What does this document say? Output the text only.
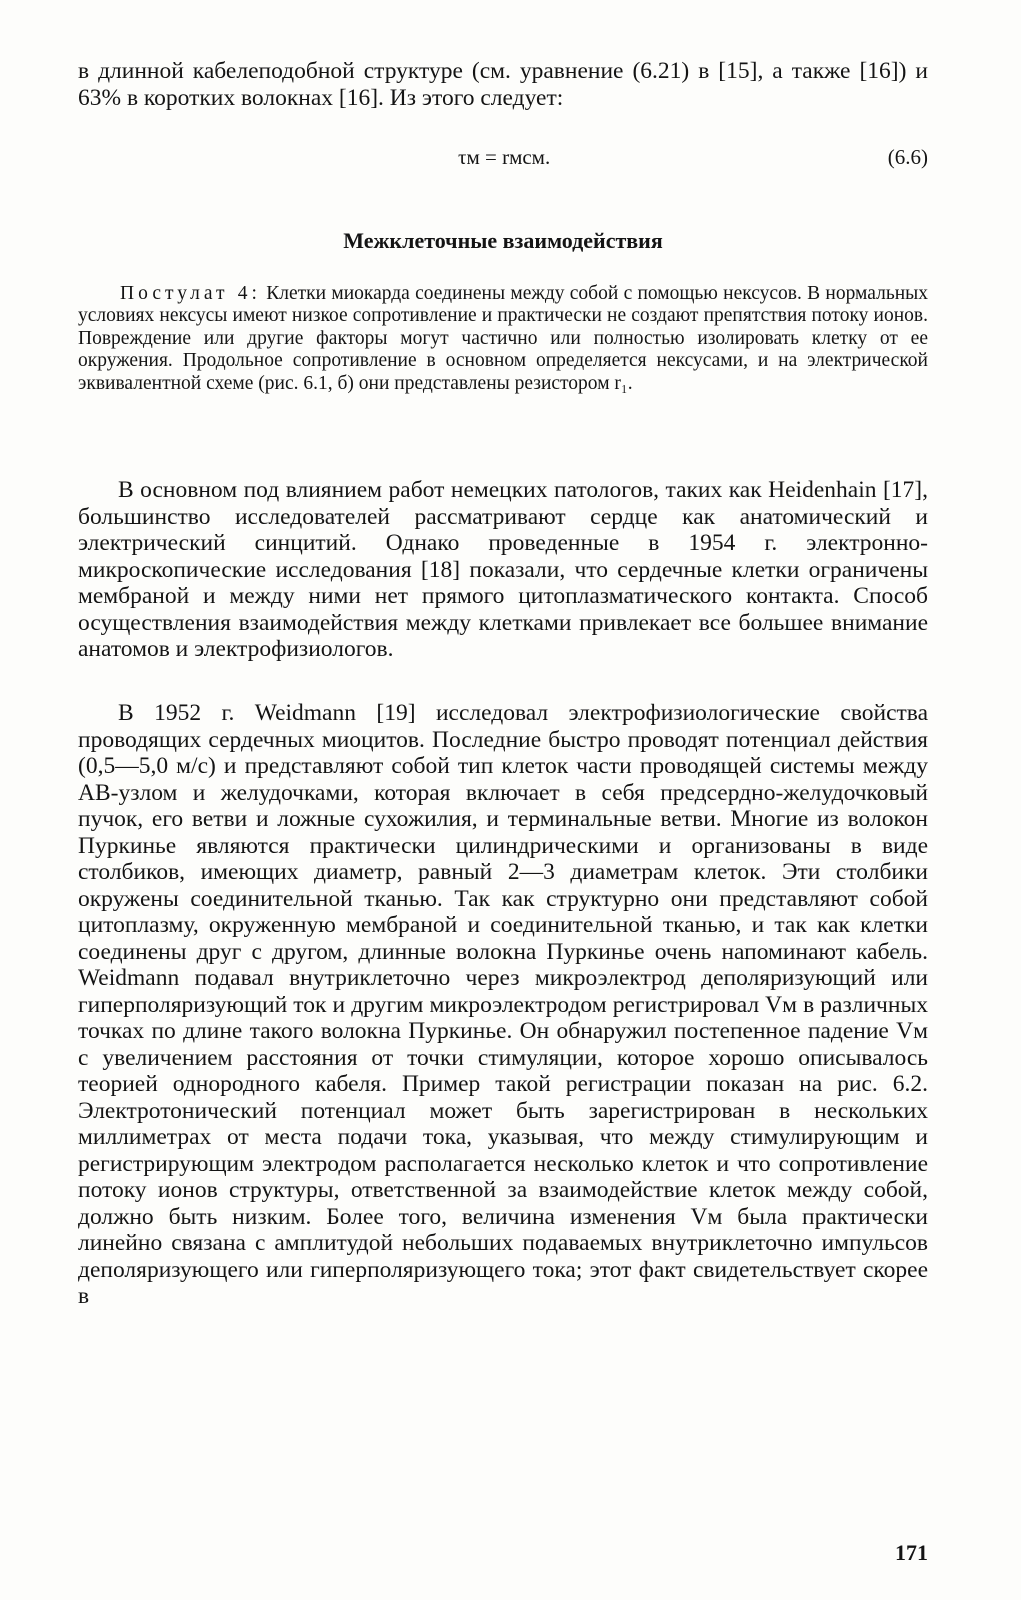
в длинной кабелеподобной структуре (см. уравнение (6.21) в [15], а также [16]) и 63% в коротких волокнах [16]. Из этого следует:

τм = rмcм.	(6.6)
Межклеточные взаимодействия

Постулат 4: Клетки миокарда соединены между собой с помощью нексусов. В нормальных условиях нексусы имеют низкое сопротивление и практически не создают препятствия потоку ионов. Повреждение или другие факторы могут частично или полностью изолировать клетку от ее окружения. Продольное сопротивление в основном определяется нексусами, и на электрической эквивалентной схеме (рис. 6.1, б) они представлены резистором r₁.

В основном под влиянием работ немецких патологов, таких как Heidenhain [17], большинство исследователей рассматривают сердце как анатомический и электрический синцитий. Однако проведенные в 1954 г. электронно-микроскопические исследования [18] показали, что сердечные клетки ограничены мембраной и между ними нет прямого цитоплазматического контакта. Способ осуществления взаимодействия между клетками привлекает все большее внимание анатомов и электрофизиологов.

В 1952 г. Weidmann [19] исследовал электрофизиологические свойства проводящих сердечных миоцитов. Последние быстро проводят потенциал действия (0,5—5,0 м/с) и представляют собой тип клеток части проводящей системы между АВ-узлом и желудочками, которая включает в себя предсердно-желудочковый пучок, его ветви и ложные сухожилия, и терминальные ветви. Многие из волокон Пуркинье являются практически цилиндрическими и организованы в виде столбиков, имеющих диаметр, равный 2—3 диаметрам клеток. Эти столбики окружены соединительной тканью. Так как структурно они представляют собой цитоплазму, окруженную мембраной и соединительной тканью, и так как клетки соединены друг с другом, длинные волокна Пуркинье очень напоминают кабель. Weidmann подавал внутриклеточно через микроэлектрод деполяризующий или гиперполяризующий ток и другим микроэлектродом регистрировал Vм в различных точках по длине такого волокна Пуркинье. Он обнаружил постепенное падение Vм с увеличением расстояния от точки стимуляции, которое хорошо описывалось теорией однородного кабеля. Пример такой регистрации показан на рис. 6.2. Электротонический потенциал может быть зарегистрирован в нескольких миллиметрах от места подачи тока, указывая, что между стимулирующим и регистрирующим электродом располагается несколько клеток и что сопротивление потоку ионов структуры, ответственной за взаимодействие клеток между собой, должно быть низким. Более того, величина изменения Vм была практически линейно связана с амплитудой небольших подаваемых внутриклеточно импульсов деполяризующего или гиперполяризующего тока; этот факт свидетельствует скорее в

171
